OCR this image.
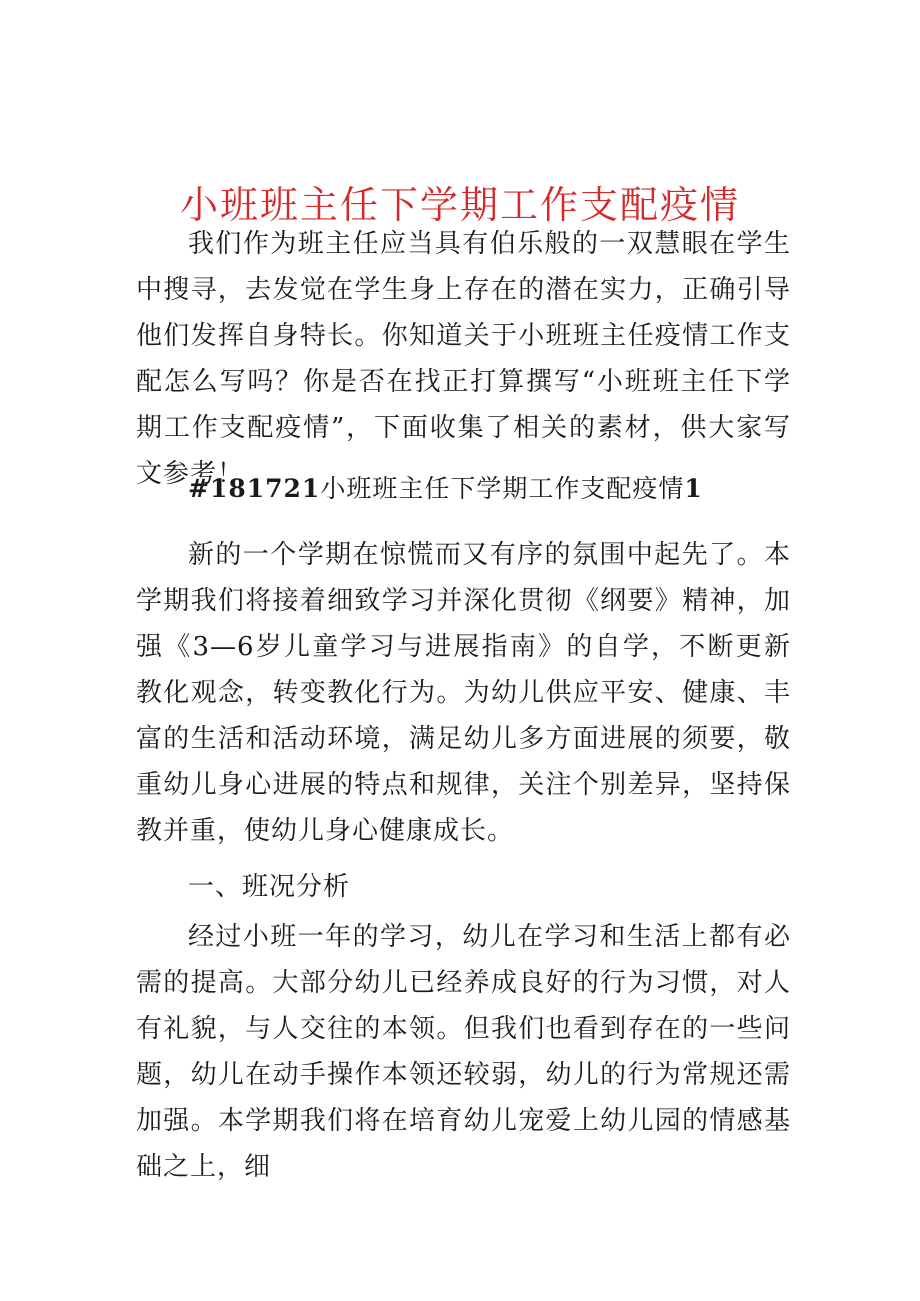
小班班主任下学期工作支配疫情

我们作为班主任应当具有伯乐般的一双慧眼在学生中搜寻，去发觉在学生身上存在的潜在实力，正确引导他们发挥自身特长。你知道关于小班班主任疫情工作支配怎么写吗？你是否在找正打算撰写“小班班主任下学期工作支配疫情”，下面收集了相关的素材，供大家写文参考！

#181721小班班主任下学期工作支配疫情1

新的一个学期在惊慌而又有序的氛围中起先了。本学期我们将接着细致学习并深化贯彻《纲要》精神，加强《3—6岁儿童学习与进展指南》的自学，不断更新教化观念，转变教化行为。为幼儿供应平安、健康、丰富的生活和活动环境，满足幼儿多方面进展的须要，敬重幼儿身心进展的特点和规律，关注个别差异，坚持保教并重，使幼儿身心健康成长。

一、班况分析

经过小班一年的学习，幼儿在学习和生活上都有必需的提高。大部分幼儿已经养成良好的行为习惯，对人有礼貌，与人交往的本领。但我们也看到存在的一些问题，幼儿在动手操作本领还较弱，幼儿的行为常规还需加强。本学期我们将在培育幼儿宠爱上幼儿园的情感基础之上，细
